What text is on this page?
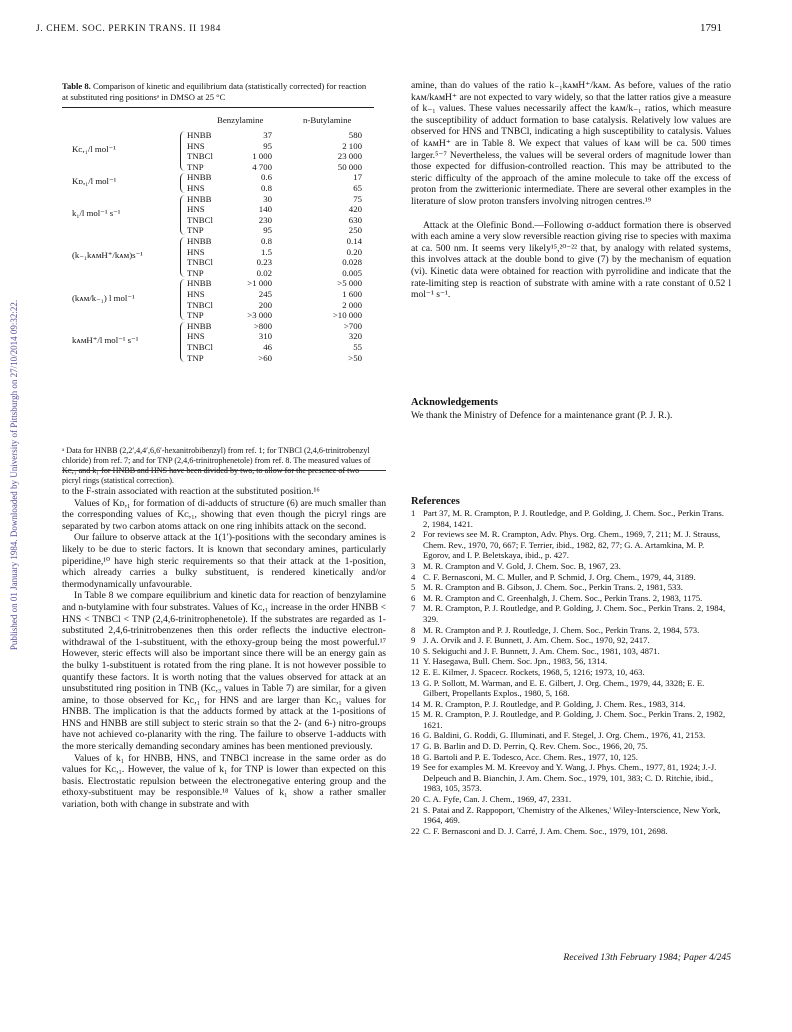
J. CHEM. SOC. PERKIN TRANS. II 1984	1791
Published on 01 January 1984. Downloaded by University of Pittsburgh on 27/10/2014 09:32:22.
Table 8. Comparison of kinetic and equilibrium data (statistically corrected) for reaction at substituted ring positionsᵃ in DMSO at 25 °C
Benzylamine	n-Butylamine
Kᴄ,₁/l mol⁻¹
HNBB	37	580
HNS	95	2 100
TNBCl	1 000	23 000
TNP	4 700	50 000
Kᴅ,₁/l mol⁻¹	HNBB	0.6	17
HNS	0.8	65
k₁/l mol⁻¹ s⁻¹
HNBB	30	75
HNS	140	420
TNBCl	230	630
TNP	95	250
(k₋₁kᴀᴍH⁺/kᴀᴍ)s⁻¹
HNBB	0.8	0.14
HNS	1.5	0.20
TNBCl	0.23	0.028
TNP	0.02	0.005
(kᴀᴍ/k₋₁) l mol⁻¹
HNBB	>1 000	>5 000
HNS	245	1 600
TNBCl	200	2 000
TNP	>3 000	>10 000
kᴀᴍH⁺/l mol⁻¹ s⁻¹
HNBB	>800	>700
HNS	310	320
TNBCl	46	55
TNP	>60	>50
ᵃ Data for HNBB (2,2′,4,4′,6,6′-hexanitrobibenzyl) from ref. 1; for TNBCl (2,4,6-trinitrobenzyl chloride) from ref. 7; and for TNP (2,4,6-trinitrophenetole) from ref. 8. The measured values of Kᴄ,₁ and k₁ for HNBB and HNS have been divided by two, to allow for the presence of two picryl rings (statistical correction).

to the F-strain associated with reaction at the substituted position.¹⁶

Values of Kᴅ,₁ for formation of di-adducts of structure (6) are much smaller than the corresponding values of Kᴄ,₁, showing that even though the picryl rings are separated by two carbon atoms attack on one ring inhibits attack on the second.

Our failure to observe attack at the 1(1′)-positions with the secondary amines is likely to be due to steric factors. It is known that secondary amines, particularly piperidine,¹⁰ have high steric requirements so that their attack at the 1-position, which already carries a bulky substituent, is rendered kinetically and/or thermodynamically unfavourable.

In Table 8 we compare equilibrium and kinetic data for reaction of benzylamine and n-butylamine with four substrates. Values of Kᴄ,₁ increase in the order HNBB < HNS < TNBCl < TNP (2,4,6-trinitrophenetole). If the substrates are regarded as 1-substituted 2,4,6-trinitrobenzenes then this order reflects the inductive electron-withdrawal of the 1-substituent, with the ethoxy-group being the most powerful.¹⁷ However, steric effects will also be important since there will be an energy gain as the bulky 1-substituent is rotated from the ring plane. It is not however possible to quantify these factors. It is worth noting that the values observed for attack at an unsubstituted ring position in TNB (Kᴄ,₃ values in Table 7) are similar, for a given amine, to those observed for Kᴄ,₁ for HNS and are larger than Kᴄ,₁ values for HNBB. The implication is that the adducts formed by attack at the 1-positions of HNS and HNBB are still subject to steric strain so that the 2- (and 6-) nitro-groups have not achieved co-planarity with the ring. The failure to observe 1-adducts with the more sterically demanding secondary amines has been mentioned previously.

Values of k₁ for HNBB, HNS, and TNBCl increase in the same order as do values for Kᴄ,₁. However, the value of k₁ for TNP is lower than expected on this basis. Electrostatic repulsion between the electronegative entering group and the ethoxy-substituent may be responsible.¹⁸ Values of k₁ show a rather smaller variation, both with change in substrate and with

amine, than do values of the ratio k₋₁kᴀᴍH⁺/kᴀᴍ. As before, values of the ratio kᴀᴍ/kᴀᴍH⁺ are not expected to vary widely, so that the latter ratios give a measure of k₋₁ values. These values necessarily affect the kᴀᴍ/k₋₁ ratios, which measure the susceptibility of adduct formation to base catalysis. Relatively low values are observed for HNS and TNBCl, indicating a high susceptibility to catalysis. Values of kᴀᴍH⁺ are in Table 8. We expect that values of kᴀᴍ will be ca. 500 times larger.⁵⁻⁷ Nevertheless, the values will be several orders of magnitude lower than those expected for diffusion-controlled reaction. This may be attributed to the steric difficulty of the approach of the amine molecule to take off the excess of proton from the zwitterionic intermediate. There are several other examples in the literature of slow proton transfers involving nitrogen centres.¹⁹

Attack at the Olefinic Bond.—Following σ-adduct formation there is observed with each amine a very slow reversible reaction giving rise to species with maxima at ca. 500 nm. It seems very likely¹⁵,²⁰⁻²² that, by analogy with related systems, this involves attack at the double bond to give (7) by the mechanism of equation (vi). Kinetic data were obtained for reaction with pyrrolidine and indicate that the rate-limiting step is reaction of substrate with amine with a rate constant of 0.52 l mol⁻¹ s⁻¹.

Acknowledgements
We thank the Ministry of Defence for a maintenance grant (P. J. R.).
References
1 Part 37, M. R. Crampton, P. J. Routledge, and P. Golding, J. Chem. Soc., Perkin Trans. 2, 1984, 1421.
2 For reviews see M. R. Crampton, Adv. Phys. Org. Chem., 1969, 7, 211; M. J. Strauss, Chem. Rev., 1970, 70, 667; F. Terrier, ibid., 1982, 82, 77; G. A. Artamkina, M. P. Egorov, and I. P. Beletskaya, ibid., p. 427.
3 M. R. Crampton and V. Gold, J. Chem. Soc. B, 1967, 23.
4 C. F. Bernasconi, M. C. Muller, and P. Schmid, J. Org. Chem., 1979, 44, 3189.
5 M. R. Crampton and B. Gibson, J. Chem. Soc., Perkin Trans. 2, 1981, 533.
6 M. R. Crampton and C. Greenhalgh, J. Chem. Soc., Perkin Trans. 2, 1983, 1175.
7 M. R. Crampton, P. J. Routledge, and P. Golding, J. Chem. Soc., Perkin Trans. 2, 1984, 329.
8 M. R. Crampton and P. J. Routledge, J. Chem. Soc., Perkin Trans. 2, 1984, 573.
9 J. A. Orvik and J. F. Bunnett, J. Am. Chem. Soc., 1970, 92, 2417.
10 S. Sekiguchi and J. F. Bunnett, J. Am. Chem. Soc., 1981, 103, 4871.
11 Y. Hasegawa, Bull. Chem. Soc. Jpn., 1983, 56, 1314.
12 E. E. Kilmer, J. Spacecr. Rockets, 1968, 5, 1216; 1973, 10, 463.
13 G. P. Sollott, M. Warman, and E. E. Gilbert, J. Org. Chem., 1979, 44, 3328; E. E. Gilbert, Propellants Explos., 1980, 5, 168.
14 M. R. Crampton, P. J. Routledge, and P. Golding, J. Chem. Res., 1983, 314.
15 M. R. Crampton, P. J. Routledge, and P. Golding, J. Chem. Soc., Perkin Trans. 2, 1982, 1621.
16 G. Baldini, G. Roddi, G. Illuminati, and F. Stegel, J. Org. Chem., 1976, 41, 2153.
17 G. B. Barlin and D. D. Perrin, Q. Rev. Chem. Soc., 1966, 20, 75.
18 G. Bartoli and P. E. Todesco, Acc. Chem. Res., 1977, 10, 125.
19 See for examples M. M. Kreevoy and Y. Wang, J. Phys. Chem., 1977, 81, 1924; J.-J. Delpeuch and B. Bianchin, J. Am. Chem. Soc., 1979, 101, 383; C. D. Ritchie, ibid., 1983, 105, 3573.
20 C. A. Fyfe, Can. J. Chem., 1969, 47, 2331.
21 S. Patai and Z. Rappoport, 'Chemistry of the Alkenes,' Wiley-Interscience, New York, 1964, 469.
22 C. F. Bernasconi and D. J. Carré, J. Am. Chem. Soc., 1979, 101, 2698.
Received 13th February 1984; Paper 4/245
